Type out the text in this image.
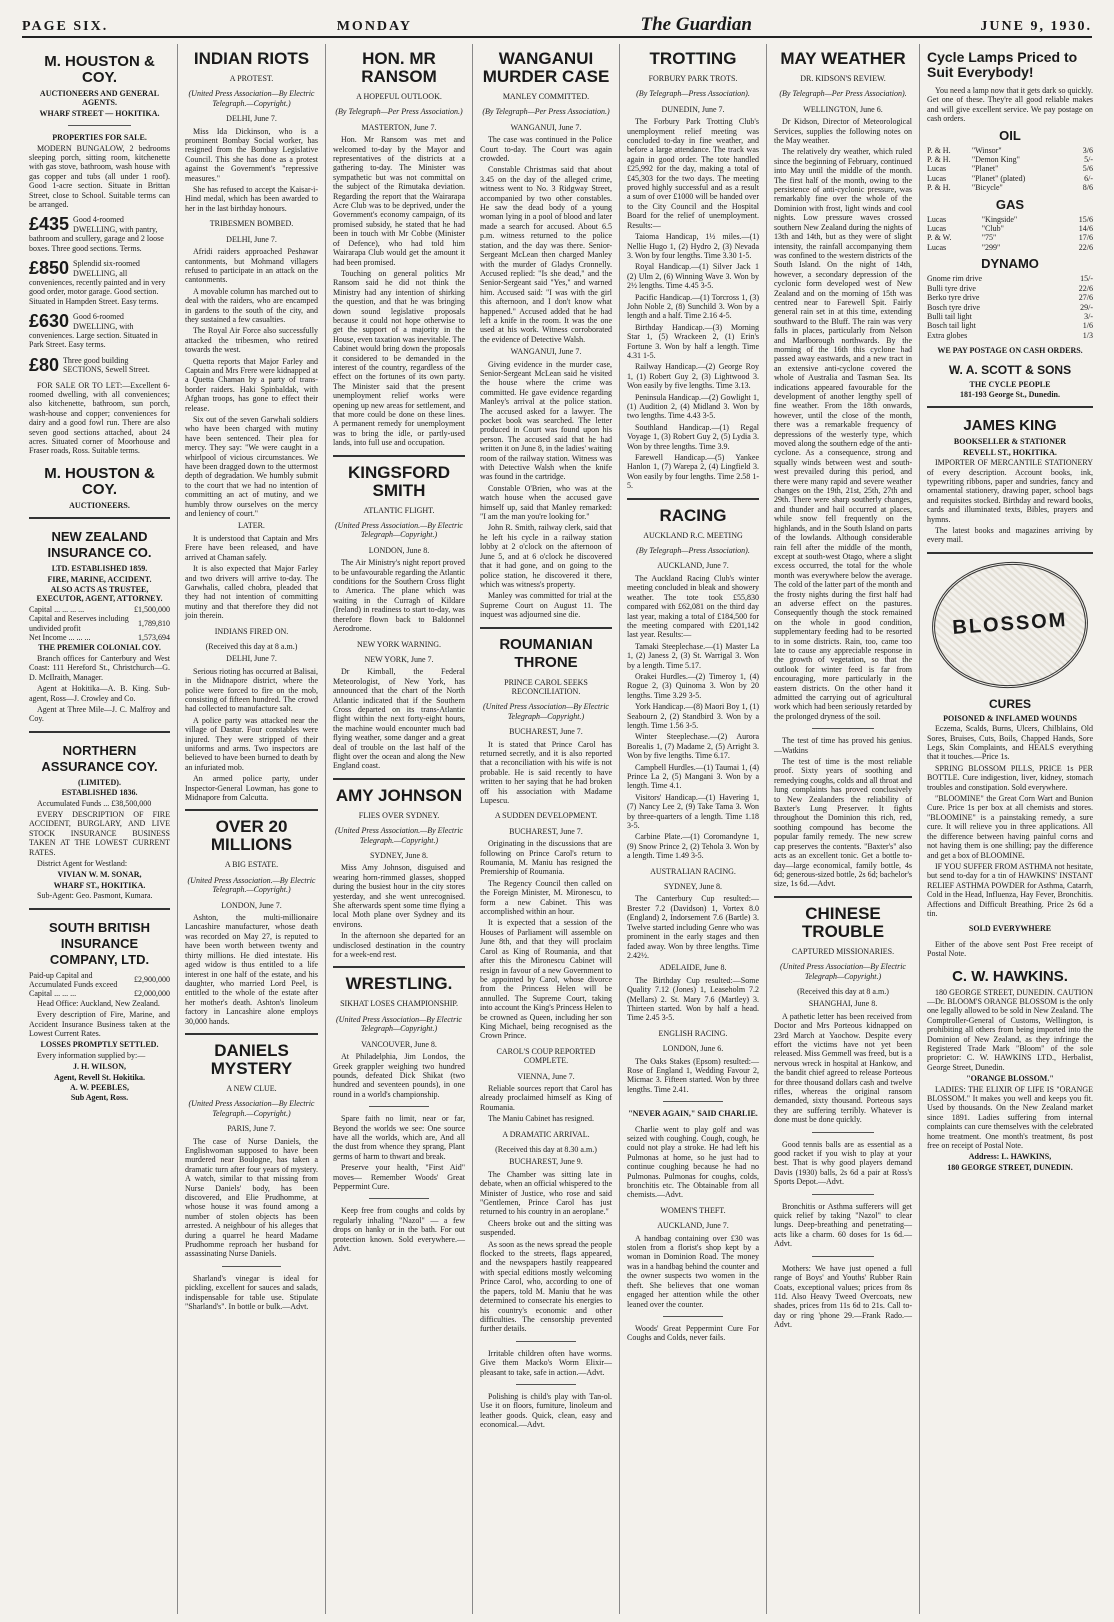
PAGE SIX.	MONDAY	The Guardian	JUNE 9, 1930.
M. HOUSTON & COY.
AUCTIONEERS AND GENERAL AGENTS.
WHARF STREET — HOKITIKA.
PROPERTIES FOR SALE.

MODERN BUNGALOW, 2 bedrooms sleeping porch, sitting room, kitchenette with gas stove, bathroom, wash house with gas copper and tubs (all under 1 roof). Good 1-acre section. Situate in Brittan Street, close to School. Suitable terms can be arranged.

£435 Good 4-roomed DWELLING, with pantry, bathroom and scullery, garage and 2 loose boxes. Three good sections. Terms.
£850 Splendid six-roomed DWELLING, all conveniences, recently painted and in very good order, motor garage. Good section. Situated in Hampden Street. Easy terms.
£630 Good 6-roomed DWELLING, with conveniences. Large section. Situated in Park Street. Easy terms.
£80 Three good building SECTIONS, Sewell Street.

FOR SALE OR TO LET:—Excellent 6-roomed dwelling, with all conveniences; also kitchenette, bathroom, sun porch, wash-house and copper; conveniences for dairy and a good fowl run. There are also seven good sections attached, about 24 acres. Situated corner of Moorhouse and Fraser roads, Ross. Suitable terms.

M. HOUSTON & COY.
AUCTIONEERS.
NEW ZEALAND INSURANCE CO.
LTD. ESTABLISHED 1859.
FIRE, MARINE, ACCIDENT.
ALSO ACTS AS TRUSTEE, EXECUTOR, AGENT, ATTORNEY.
Capital ... ... ... ...	£1,500,000
Capital and Reserves including undivided profit	1,789,810
Net Income ... ... ...	1,573,694
THE PREMIER COLONIAL COY.

Branch offices for Canterbury and West Coast: 111 Hereford St., Christchurch—G. D. McIlraith, Manager.

Agent at Hokitika—A. B. King. Sub-agent, Ross—J. Crowley and Co.

Agent at Three Mile—J. C. Malfroy and Coy.

NORTHERN ASSURANCE COY.
(LIMITED).
ESTABLISHED 1836.

Accumulated Funds ... £38,500,000

EVERY DESCRIPTION OF FIRE ACCIDENT, BURGLARY, AND LIVE STOCK INSURANCE BUSINESS TAKEN AT THE LOWEST CURRENT RATES.

District Agent for Westland:

VIVIAN W. M. SONAR,
WHARF ST., HOKITIKA.

Sub-Agent: Geo. Pasmont, Kumara.

SOUTH BRITISH INSURANCE COMPANY, LTD.
Paid-up Capital and Accumulated Funds exceed	£2,900,000
Capital ... ... ...	£2,000,000

Head Office: Auckland, New Zealand.

Every description of Fire, Marine, and Accident Insurance Business taken at the Lowest Current Rates.

LOSSES PROMPTLY SETTLED.

Every information supplied by:—

J. H. WILSON,
Agent, Revell St. Hokitika.
A. W. PEEBLES,
Sub Agent, Ross.
INDIAN RIOTS
A PROTEST.
(United Press Association—By Electric Telegraph.—Copyright.)
DELHI, June 7.

Miss Ida Dickinson, who is a prominent Bombay Social worker, has resigned from the Bombay Legislative Council. This she has done as a protest against the Government's "repressive measures."

She has refused to accept the Kaisar-i-Hind medal, which has been awarded to her in the last birthday honours.

TRIBESMEN BOMBED.
DELHI, June 7.

Afridi raiders approached Peshawar cantonments, but Mohmand villagers refused to participate in an attack on the cantonments.

A movable column has marched out to deal with the raiders, who are encamped in gardens to the south of the city, and they sustained a few casualties.

The Royal Air Force also successfully attacked the tribesmen, who retired towards the west.

Quetta reports that Major Farley and Captain and Mrs Frere were kidnapped at a Quetta Chaman by a party of trans-border raiders. Haki Spinbaldak, with Afghan troops, has gone to effect their release.

Six out of the seven Garwhali soldiers who have been charged with mutiny have been sentenced. Their plea for mercy. They say: "We were caught in a whirlpool of vicious circumstances. We have been dragged down to the uttermost depth of degradation. We humbly submit to the court that we had no intention of committing an act of mutiny, and we humbly throw ourselves on the mercy and leniency of court."

LATER.

It is understood that Captain and Mrs Frere have been released, and have arrived at Chaman safely.

It is also expected that Major Farley and two drivers will arrive to-day. The Garwhalis, called chobra, pleaded that they had not intention of committing mutiny and that therefore they did not join therein.

INDIANS FIRED ON.
(Received this day at 8 a.m.)
DELHI, June 7.

Serious rioting has occurred at Balisai, in the Midnapore district, where the police were forced to fire on the mob, consisting of fifteen hundred. The crowd had collected to manufacture salt.

A police party was attacked near the village of Dastur. Four constables were injured. They were stripped of their uniforms and arms. Two inspectors are believed to have been burned to death by an infuriated mob.

An armed police party, under Inspector-General Lowman, has gone to Midnapore from Calcutta.

OVER 20 MILLIONS
A BIG ESTATE.
(United Press Association.—By Electric Telegraph.—Copyright.)
LONDON, June 7.

Ashton, the multi-millionaire Lancashire manufacturer, whose death was recorded on May 27, is reputed to have been worth between twenty and thirty millions. He died intestate. His aged widow is thus entitled to a life interest in one half of the estate, and his daughter, who married Lord Peel, is entitled to the whole of the estate after her mother's death. Ashton's linoleum factory in Lancashire alone employs 30,000 hands.

DANIELS MYSTERY
A NEW CLUE.
(United Press Association—By Electric Telegraph.—Copyright.)
PARIS, June 7.

The case of Nurse Daniels, the Englishwoman supposed to have been murdered near Boulogne, has taken a dramatic turn after four years of mystery. A watch, similar to that missing from Nurse Daniels' body, has been discovered, and Elie Prudhomme, at whose house it was found among a number of stolen objects has been arrested. A neighbour of his alleges that during a quarrel he heard Madame Prudhomme reproach her husband for assassinating Nurse Daniels.

Sharland's vinegar is ideal for pickling, excellent for sauces and salads, indispensable for table use. Stipulate "Sharland's". In bottle or bulk.—Advt.

HON. MR RANSOM
A HOPEFUL OUTLOOK.
(By Telegraph—Per Press Association.)
MASTERTON, June 7.

Hon. Mr Ransom was met and welcomed to-day by the Mayor and representatives of the districts at a gathering to-day. The Minister was sympathetic but was not committal on the subject of the Rimutaka deviation. Regarding the report that the Wairarapa Acre Club was to be deprived, under the Government's economy campaign, of its promised subsidy, he stated that he had been in touch with Mr Cobbe (Minister of Defence), who had told him Wairarapa Club would get the amount it had been promised.

Touching on general politics Mr Ransom said he did not think the Ministry had any intention of shirking the question, and that he was bringing down sound legislative proposals because it could not hope otherwise to get the support of a majority in the House, even taxation was inevitable. The Cabinet would bring down the proposals it considered to be demanded in the interest of the country, regardless of the effect on the fortunes of its own party. The Minister said that the present unemployment relief works were opening up new areas for settlement, and that more could be done on these lines. A permanent remedy for unemployment was to bring the idle, or partly-used lands, into full use and occupation.

KINGSFORD SMITH
ATLANTIC FLIGHT.
(United Press Association.—By Electric Telegraph—Copyright.)
LONDON, June 8.

The Air Ministry's night report proved to be unfavourable regarding the Atlantic conditions for the Southern Cross flight to America. The plane which was waiting in the Curragh of Kildare (Ireland) in readiness to start to-day, was therefore flown back to Baldonnel Aerodrome.

NEW YORK WARNING.
NEW YORK, June 7.

Dr Kimball, the Federal Meteorologist, of New York, has announced that the chart of the North Atlantic indicated that if the Southern Cross departed on its trans-Atlantic flight within the next forty-eight hours, the machine would encounter much bad flying weather, some danger and a great deal of trouble on the last half of the flight over the ocean and along the New England coast.

AMY JOHNSON
FLIES OVER SYDNEY.
(United Press Association.—By Electric Telegraph.—Copyright.)
SYDNEY, June 8.

Miss Amy Johnson, disguised and wearing horn-rimmed glasses, shopped during the busiest hour in the city stores yesterday, and she went unrecognised. She afterwards spent some time flying a local Moth plane over Sydney and its environs.

In the afternoon she departed for an undisclosed destination in the country for a week-end rest.

WRESTLING.
SIKHAT LOSES CHAMPIONSHIP.
(United Press Association—By Electric Telegraph—Copyright.)
VANCOUVER, June 8.

At Philadelphia, Jim Londos, the Greek grappler weighing two hundred pounds, defeated Dick Shikat (two hundred and seventeen pounds), in one round in a world's championship.

Spare faith no limit, near or far, Beyond the worlds we see: One source have all the worlds, which are, And all the dust from whence they sprang, Plant germs of harm to thwart and break.

Preserve your health, "First Aid" moves— Remember Woods' Great Peppermint Cure.

Keep free from coughs and colds by regularly inhaling "Nazol" — a few drops on hanky or in the bath. For out protection known. Sold everywhere.—Advt.

WANGANUI MURDER CASE
MANLEY COMMITTED.
(By Telegraph—Per Press Association.)
WANGANUI, June 7.

The case was continued in the Police Court to-day. The Court was again crowded.

Constable Christmas said that about 3.45 on the day of the alleged crime, witness went to No. 3 Ridgway Street, accompanied by two other constables. He saw the dead body of a young woman lying in a pool of blood and later made a search for accused. About 6.5 p.m. witness returned to the police station, and the day was there. Senior-Sergeant McLean then charged Manley with the murder of Gladys Cronnelly. Accused replied: "Is she dead," and the Senior-Sergeant said "Yes," and warned him. Accused said: "I was with the girl this afternoon, and I don't know what happened." Accused added that he had left a knife in the room. It was the one used at his work. Witness corroborated the evidence of Detective Walsh.

WANGANUI, June 7.

Giving evidence in the murder case, Senior-Sergeant McLean said he visited the house where the crime was committed. He gave evidence regarding Manley's arrival at the police station. The accused asked for a lawyer. The pocket book was searched. The letter produced in Court was found upon his person. The accused said that he had written it on June 8, in the ladies' waiting room of the railway station. Witness was with Detective Walsh when the knife was found in the cartridge.

Constable O'Brien, who was at the watch house when the accused gave himself up, said that Manley remarked: "I am the man you're looking for."

John R. Smith, railway clerk, said that he left his cycle in a railway station lobby at 2 o'clock on the afternoon of June 5, and at 6 o'clock he discovered that it had gone, and on going to the police station, he discovered it there, which was witness's property.

Manley was committed for trial at the Supreme Court on August 11. The inquest was adjourned sine die.

ROUMANIAN THRONE
PRINCE CAROL SEEKS RECONCILIATION.
(United Press Association—By Electric Telegraph—Copyright.)
BUCHAREST, June 7.

It is stated that Prince Carol has returned secretly, and it is also reported that a reconciliation with his wife is not probable. He is said recently to have written to her saying that he had broken off his association with Madame Lupescu.

A SUDDEN DEVELOPMENT.
BUCHAREST, June 7.

Originating in the discussions that are following on Prince Carol's return to Roumania, M. Maniu has resigned the Premiership of Roumania.

The Regency Council then called on the Foreign Minister, M. Mironescu, to form a new Cabinet. This was accomplished within an hour.

It is expected that a session of the Houses of Parliament will assemble on June 8th, and that they will proclaim Carol as King of Roumania, and that after this the Mironescu Cabinet will resign in favour of a new Government to be appointed by Carol, whose divorce from the Princess Helen will be annulled. The Supreme Court, taking into account the King's Princess Helen to be crowned as Queen, including her son King Michael, being recognised as the Crown Prince.

CAROL'S COUP REPORTED COMPLETE.
VIENNA, June 7.

Reliable sources report that Carol has already proclaimed himself as King of Roumania.

The Maniu Cabinet has resigned.

A DRAMATIC ARRIVAL.
(Received this day at 8.30 a.m.)
BUCHAREST, June 9.

The Chamber was sitting late in debate, when an official whispered to the Minister of Justice, who rose and said "Gentlemen, Prince Carol has just returned to his country in an aeroplane."

Cheers broke out and the sitting was suspended.

As soon as the news spread the people flocked to the streets, flags appeared, and the newspapers hastily reappeared with special editions mostly welcoming Prince Carol, who, according to one of the papers, told M. Maniu that he was determined to consecrate his energies to his country's economic and other difficulties. The censorship prevented further details.

Irritable children often have worms. Give them Macko's Worm Elixir—pleasant to take, safe in action.—Advt.

Polishing is child's play with Tan-ol. Use it on floors, furniture, linoleum and leather goods. Quick, clean, easy and economical.—Advt.

TROTTING
FORBURY PARK TROTS.
(By Telegraph—Press Association).
DUNEDIN, June 7.

The Forbury Park Trotting Club's unemployment relief meeting was concluded to-day in fine weather, and before a large attendance. The track was again in good order. The tote handled £25,992 for the day, making a total of £45,303 for the two days. The meeting proved highly successful and as a result a sum of over £1000 will be handed over to the City Council and the Hospital Board for the relief of unemployment. Results:—

Taioma Handicap, 1½ miles.—(1) Nellie Hugo 1, (2) Hydro 2, (3) Nevada 3. Won by four lengths. Time 3.30 1-5.

Royal Handicap.—(1) Silver Jack 1 (2) Ulm 2, (6) Winning Wave 3. Won by 2½ lengths. Time 4.45 3-5.

Pacific Handicap.—(1) Torcross 1, (3) John Noble 2, (8) Sunchild 3. Won by a length and a half. Time 2.16 4-5.

Birthday Handicap.—(3) Morning Star 1, (5) Wrackeen 2, (1) Erin's Fortune 3. Won by half a length. Time 4.31 1-5.

Railway Handicap.—(2) George Roy 1, (1) Robert Guy 2, (3) Lightwood 3. Won easily by five lengths. Time 3.13.

Peninsula Handicap.—(2) Gowlight 1, (1) Audition 2, (4) Midland 3. Won by two lengths. Time 4.43 3-5.

Southland Handicap.—(1) Regal Voyage 1, (3) Robert Guy 2, (5) Lydia 3. Won by three lengths. Time 3.9.

Farewell Handicap.—(5) Yankee Hanlon 1, (7) Warepa 2, (4) Lingfield 3. Won easily by four lengths. Time 2.58 1-5.

RACING
AUCKLAND R.C. MEETING
(By Telegraph—Press Association).
AUCKLAND, June 7.

The Auckland Racing Club's winter meeting concluded in bleak and showery weather. The tote took £55,830 compared with £62,081 on the third day last year, making a total of £184,500 for the meeting compared with £201,142 last year. Results:—

Tamaki Steeplechase.—(1) Master La 1, (2) Janess 2, (3) St. Warrigal 3. Won by a length. Time 5.17.

Orakei Hurdles.—(2) Timeroy 1, (4) Rogue 2, (3) Quinoma 3. Won by 20 lengths. Time 3.29 3-5.

York Handicap.—(8) Maori Boy 1, (1) Seabourn 2, (2) Standbird 3. Won by a length. Time 1.56 3-5.

Winter Steeplechase.—(2) Aurora Borealis 1, (7) Madame 2, (5) Arright 3. Won by five lengths. Time 6.17.

Campbell Hurdles.—(1) Taumai 1, (4) Prince La 2, (5) Mangani 3. Won by a length. Time 4.1.

Visitors' Handicap.—(1) Havering 1, (7) Nancy Lee 2, (9) Take Tama 3. Won by three-quarters of a length. Time 1.18 3-5.

Carbine Plate.—(1) Coromandyne 1, (9) Snow Prince 2, (2) Tehola 3. Won by a length. Time 1.49 3-5.

AUSTRALIAN RACING.
SYDNEY, June 8.

The Canterbury Cup resulted:—Brester 7.2 (Davidson) 1, Vortex 8.0 (England) 2, Indorsement 7.6 (Bartle) 3. Twelve started including Genre who was prominent in the early stages and then faded away. Won by three lengths. Time 2.42½.

ADELAIDE, June 8.

The Birthday Cup resulted:—Some Quality 7.12 (Jones) 1, Leaseholm 7.2 (Mellars) 2. St. Mary 7.6 (Martley) 3. Thirteen started. Won by half a head. Time 2.45 3-5.

ENGLISH RACING.
LONDON, June 6.

The Oaks Stakes (Epsom) resulted:—Rose of England 1, Wedding Favour 2, Micmac 3. Fifteen started. Won by three lengths. Time 2.41.

"NEVER AGAIN," SAID CHARLIE.

Charlie went to play golf and was seized with coughing. Cough, cough, he could not play a stroke. He had left his Pulmonas at home, so he just had to continue coughing because he had no Pulmonas. Pulmonas for coughs, colds, bronchitis etc. The Obtainable from all chemists.—Advt.

WOMEN'S THEFT.
AUCKLAND, June 7.

A handbag containing over £30 was stolen from a florist's shop kept by a woman in Dominion Road. The money was in a handbag behind the counter and the owner suspects two women in the theft. She believes that one woman engaged her attention while the other leaned over the counter.

Woods' Great Peppermint Cure For Coughs and Colds, never fails.

MAY WEATHER
DR. KIDSON'S REVIEW.
(By Telegraph—Per Press Association).
WELLINGTON, June 6.

Dr Kidson, Director of Meteorological Services, supplies the following notes on the May weather.

The relatively dry weather, which ruled since the beginning of February, continued into May until the middle of the month. The first half of the month, owing to the persistence of anti-cyclonic pressure, was remarkably fine over the whole of the Dominion with frost, light winds and cool nights. Low pressure waves crossed southern New Zealand during the nights of 13th and 14th, but as they were of slight intensity, the rainfall accompanying them was confined to the western districts of the South Island. On the night of 14th, however, a secondary depression of the cyclonic form developed west of New Zealand and on the morning of 15th was centred near to Farewell Spit. Fairly general rain set in at this time, extending southward to the Bluff. The rain was very falls in places, particularly from Nelson and Marlborough northwards. By the morning of the 16th this cyclone had passed away eastwards, and a new tract in an extensive anti-cyclone covered the whole of Australia and Tasman Sea. Its indications appeared favourable for the development of another lengthy spell of fine weather. From the 18th onwards, however, until the close of the month, there was a remarkable frequency of depressions of the westerly type, which moved along the southern edge of the anti-cyclone. As a consequence, strong and squally winds between west and south-west prevailed during this period, and there were many rapid and severe weather changes on the 19th, 21st, 25th, 27th and 29th. There were sharp southerly changes, and thunder and hail occurred at places, while snow fell frequently on the highlands, and in the South Island on parts of the lowlands. Although considerable rain fell after the middle of the month, except at south-west Otago, where a slight excess occurred, the total for the whole month was everywhere below the average. The cold of the latter part of the month and the frosty nights during the first half had an adverse effect on the pastures. Consequently though the stock remained on the whole in good condition, supplementary feeding had to be resorted to in some districts. Rain, too, came too late to cause any appreciable response in the growth of vegetation, so that the outlook for winter feed is far from encouraging, more particularly in the eastern districts. On the other hand it admitted the carrying out of agricultural work which had been seriously retarded by the prolonged dryness of the soil.

The test of time has proved his genius. —Watkins

The test of time is the most reliable proof. Sixty years of soothing and remedying coughs, colds and all throat and lung complaints has proved conclusively to New Zealanders the reliability of Baxter's Lung Preserver. It fights throughout the Dominion this rich, red, soothing compound has become the popular family remedy. The new screw cap preserves the contents. "Baxter's" also acts as an excellent tonic. Get a bottle to-day—large economical, family bottle, 4s 6d; generous-sized bottle, 2s 6d; bachelor's size, 1s 6d.—Advt.

CHINESE TROUBLE
CAPTURED MISSIONARIES.
(United Press Association—By Electric Telegraph—Copyright.)
(Received this day at 8 a.m.)
SHANGHAI, June 8.

A pathetic letter has been received from Doctor and Mrs Porteous kidnapped on 23rd March at Yaochow. Despite every effort the victims have not yet been released. Miss Gemmell was freed, but is a nervous wreck in hospital at Hankow, and the bandit chief agreed to release Porteous for three thousand dollars cash and twelve rifles, whereas the original ransom demanded, sixty thousand. Porteous says they are suffering terribly. Whatever is done must be done quickly.

Good tennis balls are as essential as a good racket if you wish to play at your best. That is why good players demand Davis (1930) balls, 2s 6d a pair at Ross's Sports Depot.—Advt.

Bronchitis or Asthma sufferers will get quick relief by taking "Nazol" to clear lungs. Deep-breathing and penetrating—acts like a charm. 60 doses for 1s 6d.—Advt.

Mothers: We have just opened a full range of Boys' and Youths' Rubber Rain Coats, exceptional values; prices from 8s 11d. Also Heavy Tweed Overcoats, new shades, prices from 11s 6d to 21s. Call to-day or ring 'phone 29.—Frank Rado.—Advt.

Cycle Lamps Priced to Suit Everybody!

You need a lamp now that it gets dark so quickly. Get one of these. They're all good reliable makes and will give excellent service. We pay postage on cash orders.

OIL
P. & H.	"Winsor"	3/6
P. & H.	"Demon King"	5/-
Lucas	"Planet"	5/6
Lucas	"Planet" (plated)	6/-
P. & H.	"Bicycle"	8/6
GAS
Lucas	"Kingside"	15/6
Lucas	"Club"	14/6
P. & W.	"75"	17/6
Lucas	"299"	22/6
DYNAMO
Gnome rim drive		15/-
Bulli tyre drive		22/6
Berko tyre drive		27/6
Bosch tyre drive		29/-
Bulli tail light		3/-
Bosch tail light		1/6
Extra globes		1/3
WE PAY POSTAGE ON CASH ORDERS.
W. A. SCOTT & SONS
THE CYCLE PEOPLE
181-193 George St., Dunedin.
JAMES KING
BOOKSELLER & STATIONER
REVELL ST., HOKITIKA.

IMPORTER OF MERCANTILE STATIONERY of every description. Account books, ink, typewriting ribbons, paper and sundries, fancy and ornamental stationery, drawing paper, school bags and requisites stocked. Birthday and reward books, cards and illuminated texts, Bibles, prayers and hymns.

The latest books and magazines arriving by every mail.

BLOSSOM
CURES
POISONED & INFLAMED WOUNDS

Eczema, Scalds, Burns, Ulcers, Chilblains, Old Sores, Bruises, Cuts, Boils, Chapped Hands, Sore Legs, Skin Complaints, and HEALS everything that it touches.—Price 1s.

SPRING BLOSSOM PILLS, PRICE 1s PER BOTTLE. Cure indigestion, liver, kidney, stomach troubles and constipation. Sold everywhere.

"BLOOMINE" the Great Corn Wart and Bunion Cure. Price 1s per box at all chemists and stores. "BLOOMINE" is a painstaking remedy, a sure cure. It will relieve you in three applications. All the difference between having painful corns and not having them is one shilling; pay the difference and get a box of BLOOMINE.

IF YOU SUFFER FROM ASTHMA not hesitate, but send to-day for a tin of HAWKINS' INSTANT RELIEF ASTHMA POWDER for Asthma, Catarrh, Cold in the Head, Influenza, Hay Fever, Bronchitis. Affections and Difficult Breathing. Price 2s 6d a tin.

SOLD EVERYWHERE

Either of the above sent Post Free receipt of Postal Note.

C. W. HAWKINS.

180 GEORGE STREET, DUNEDIN. CAUTION—Dr. BLOOM'S ORANGE BLOSSOM is the only one legally allowed to be sold in New Zealand. The Comptroller-General of Customs, Wellington, is prohibiting all others from being imported into the Dominion of New Zealand, as they infringe the Registered Trade Mark "Bloom" of the sole proprietor: C. W. HAWKINS LTD., Herbalist, George Street, Dunedin.

"ORANGE BLOSSOM."

LADIES: THE ELIXIR OF LIFE IS "ORANGE BLOSSOM." It makes you well and keeps you fit. Used by thousands. On the New Zealand market since 1891. Ladies suffering from internal complaints can cure themselves with the celebrated home treatment. One month's treatment, 8s post free on receipt of Postal Note.

Address: L. HAWKINS,
180 GEORGE STREET, DUNEDIN.
